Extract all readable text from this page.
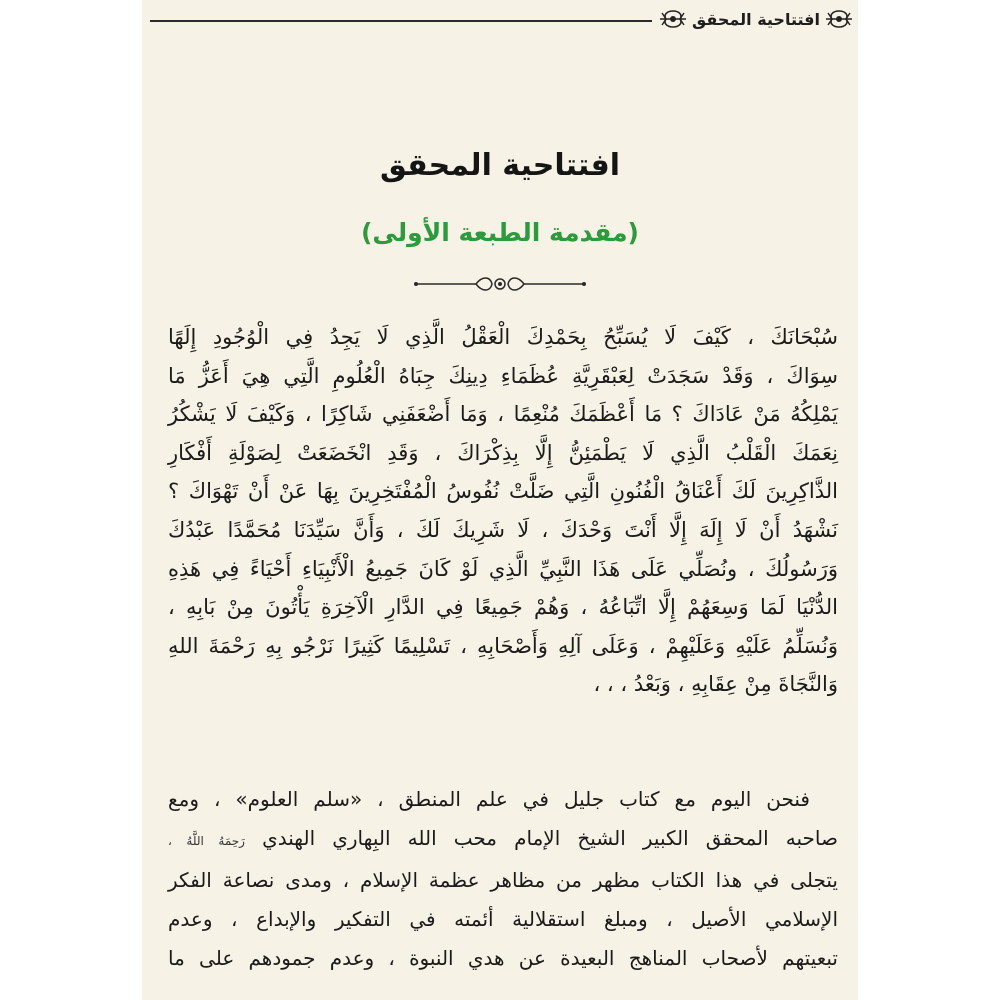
افتتاحية المحقق
افتتاحية المحقق
(مقدمة الطبعة الأولى)

سُبْحَانَكَ ، كَيْفَ لَا يُسَبِّحُ بِحَمْدِكَ الْعَقْلُ الَّذِي لَا يَجِدُ فِي الْوُجُودِ إِلَهًا

سِوَاكَ ، وَقَدْ سَجَدَتْ لِعَبْقَرِيَّةِ عُظَمَاءِ دِينِكَ جِبَاهُ الْعُلُومِ الَّتِي هِيَ أَعَزُّ مَا

يَمْلِكُهُ مَنْ عَادَاكَ ؟ مَا أَعْظَمَكَ مُنْعِمًا ، وَمَا أَضْعَفَنِي شَاكِرًا ، وَكَيْفَ لَا يَشْكُرُ

نِعَمَكَ الْقَلْبُ الَّذِي لَا يَطْمَئِنُّ إِلَّا بِذِكْرَاكَ ، وَقَدِ انْخَضَعَتْ لِصَوْلَةِ أَفْكَارِ

الذَّاكِرِينَ لَكَ أَعْنَاقُ الْفُنُونِ الَّتِي ضَلَّتْ نُفُوسُ الْمُفْتَخِرِينَ بِهَا عَنْ أَنْ تَهْوَاكَ ؟

نَشْهَدُ أَنْ لَا إِلَهَ إِلَّا أَنْتَ وَحْدَكَ ، لَا شَرِيكَ لَكَ ، وَأَنَّ سَيِّدَنَا مُحَمَّدًا عَبْدُكَ

وَرَسُولُكَ ، ونُصَلِّي عَلَى هَذَا النَّبِيِّ الَّذِي لَوْ كَانَ جَمِيعُ الْأَنْبِيَاءِ أَحْيَاءً فِي هَذِهِ

الدُّنْيَا لَمَا وَسِعَهُمْ إِلَّا اتِّبَاعُهُ ، وَهُمْ جَمِيعًا فِي الدَّارِ الْآخِرَةِ يَأْتُونَ مِنْ بَابِهِ ،

وَنُسَلِّمُ عَلَيْهِ وَعَلَيْهِمْ ، وَعَلَى آلِهِ وَأَصْحَابِهِ ، تَسْلِيمًا كَثِيرًا نَرْجُو بِهِ رَحْمَةَ اللهِ

وَالنَّجَاةَ مِنْ عِقَابِهِ ، وَبَعْدُ ، ، ،

فنحن اليوم مع كتاب جليل في علم المنطق ، «سلم العلوم» ، ومع

صاحبه المحقق الكبير الشيخ الإمام محب الله البِهاري الهندي رَحِمَهُ اللَّهُ ،

يتجلى في هذا الكتاب مظهر من مظاهر عظمة الإسلام ، ومدى نصاعة الفكر

الإسلامي الأصيل ، ومبلغ استقلالية أئمته في التفكير والإبداع ، وعدم

تبعيتهم لأصحاب المناهج البعيدة عن هدي النبوة ، وعدم جمودهم على ما
